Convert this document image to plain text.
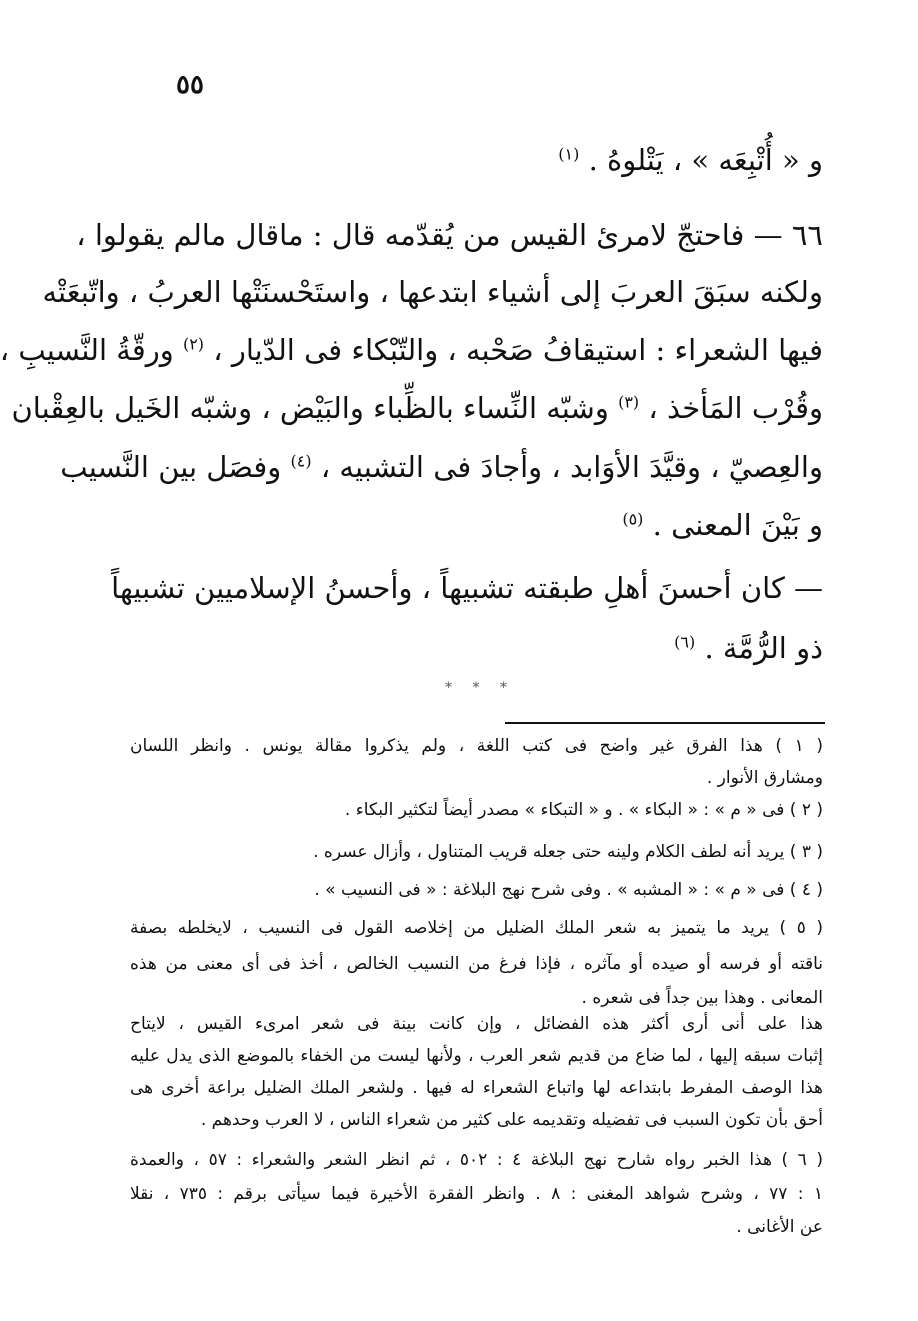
٥٥
و « أُتْبِعَه » ، يَتْلوهُ . $^{(١)}$
٦٦ — فاحتجّ لامرئ القيس من يُقدّمه قال : ماقال مالم يقولوا ،
ولكنه سبَقَ العربَ إلى أشياء ابتدعها ، واستَحْسنَتْها العربُ ، واتّبعَتْه
فيها الشعراء : استيقافُ صَحْبه ، والتّبْكاء فى الدّيار ، $^{(٢)}$ ورقّةُ النَّسيبِ ،
وقُرْب المَأخذ ، $^{(٣)}$ وشبّه النِّساء بالظِّباء والبَيْض ، وشبّه الخَيل بالعِقْبان
والعِصيّ ، وقيَّدَ الأوَابد ، وأجادَ فى التشبيه ، $^{(٤)}$ وفصَل بين النَّسيب
و بَيْنَ المعنى . $^{(٥)}$
— كان أحسنَ أهلِ طبقته تشبيهاً ، وأحسنُ الإسلاميين تشبيهاً
ذو الرُّمَّة . $^{(٦)}$
* * *
( ١ ) هذا الفرق غير واضح فى كتب اللغة ، ولم يذكروا مقالة يونس . وانظر اللسان
ومشارق الأنوار .
( ٢ ) فى « م » : « البكاء » . و « التبكاء » مصدر أيضاً لتكثير البكاء .
( ٣ ) يريد أنه لطف الكلام ولينه حتى جعله قريب المتناول ، وأزال عسره .
( ٤ ) فى « م » : « المشبه » . وفى شرح نهج البلاغة : « فى النسيب » .
( ٥ ) يريد ما يتميز به شعر الملك الضليل من إخلاصه القول فى النسيب ، لايخلطه بصفة
ناقته أو فرسه أو صيده أو مآثره ، فإذا فرغ من النسيب الخالص ، أخذ فى أى معنى من هذه
المعانى . وهذا بين جداً فى شعره .
هذا على أنى أرى أكثر هذه الفضائل ، وإن كانت بينة فى شعر امرىء القيس ، لايتاح
إثبات سبقه إليها ، لما ضاع من قديم شعر العرب ، ولأنها ليست من الخفاء بالموضع الذى يدل عليه
هذا الوصف المفرط بابتداعه لها واتباع الشعراء له فيها . ولشعر الملك الضليل براعة أخرى هى
أحق بأن تكون السبب فى تفضيله وتقديمه على كثير من شعراء الناس ، لا العرب وحدهم .
( ٦ ) هذا الخبر رواه شارح نهج البلاغة ٤ : ٥٠٢ ، ثم انظر الشعر والشعراء : ٥٧ ، والعمدة
١ : ٧٧ ، وشرح شواهد المغنى : ٨ . وانظر الفقرة الأخيرة فيما سيأتى برقم : ٧٣٥ ، نقلا
عن الأغانى .
